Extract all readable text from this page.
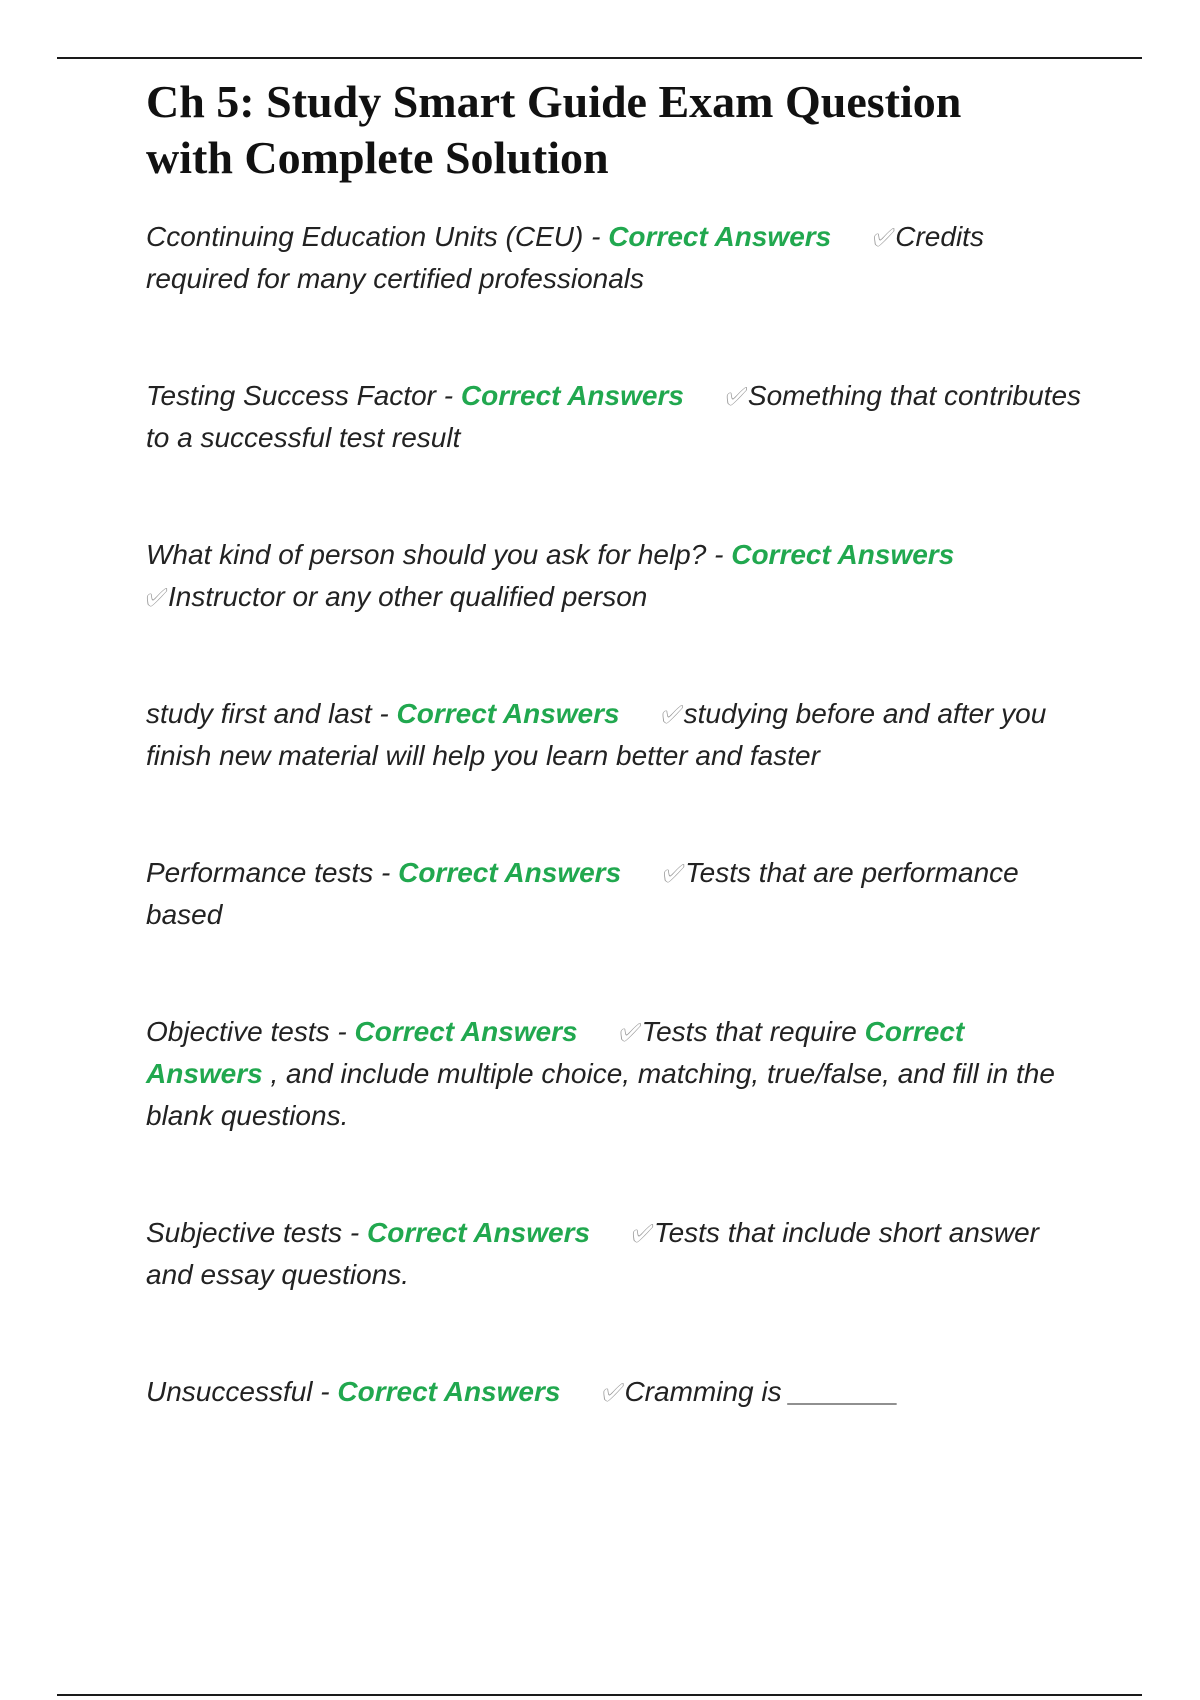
Ch 5: Study Smart Guide Exam Question
with Complete Solution

Ccontinuing Education Units (CEU) - Correct Answers ✅︎Credits required for many certified professionals

Testing Success Factor - Correct Answers ✅︎Something that contributes to a successful test result

What kind of person should you ask for help? - Correct Answers
✅︎Instructor or any other qualified person

study first and last - Correct Answers ✅︎studying before and after you finish new material will help you learn better and faster

Performance tests - Correct Answers ✅︎Tests that are performance based

Objective tests - Correct Answers ✅︎Tests that require Correct Answers , and include multiple choice, matching, true/false, and fill in the blank questions.

Subjective tests - Correct Answers ✅︎Tests that include short answer and essay questions.

Unsuccessful - Correct Answers ✅︎Cramming is _______
